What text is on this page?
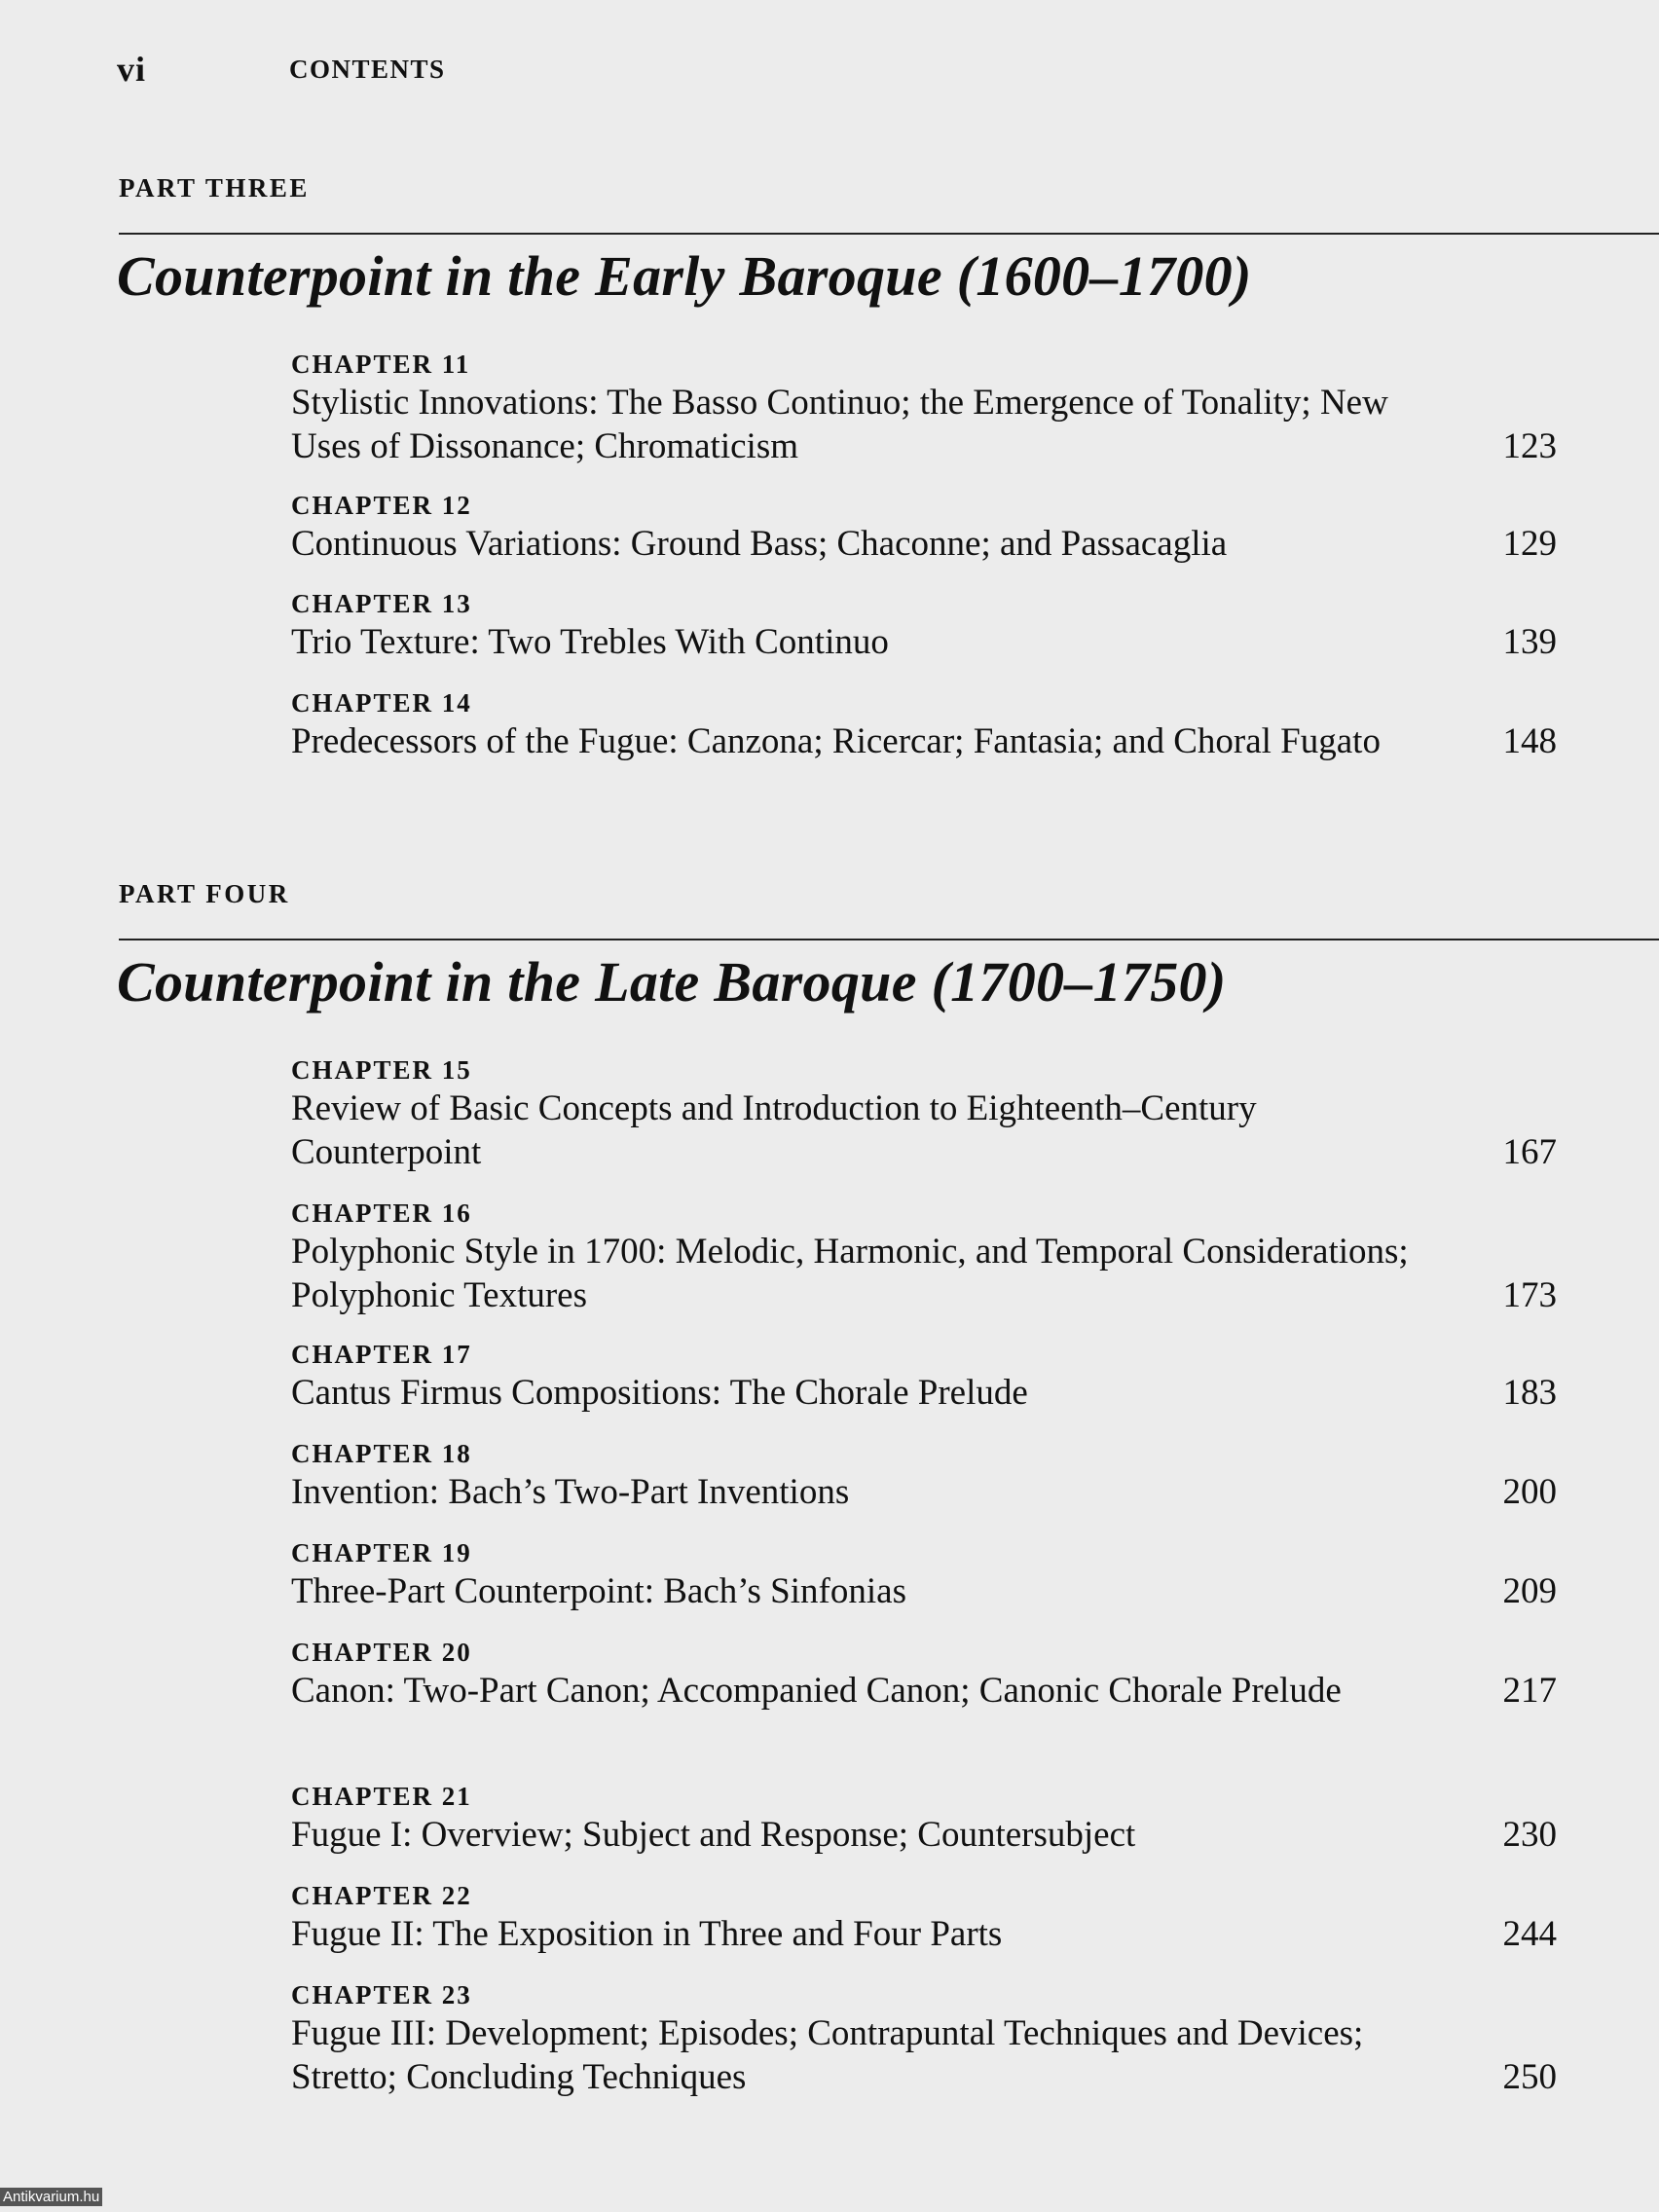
vi	CONTENTS
PART THREE
Counterpoint in the Early Baroque (1600–1700)
CHAPTER 11
Stylistic Innovations: The Basso Continuo; the Emergence of Tonality; New Uses of Dissonance; Chromaticism	123
CHAPTER 12
Continuous Variations: Ground Bass; Chaconne; and Passacaglia	129
CHAPTER 13
Trio Texture: Two Trebles With Continuo	139
CHAPTER 14
Predecessors of the Fugue: Canzona; Ricercar; Fantasia; and Choral Fugato	148
PART FOUR
Counterpoint in the Late Baroque (1700–1750)
CHAPTER 15
Review of Basic Concepts and Introduction to Eighteenth–Century Counterpoint	167
CHAPTER 16
Polyphonic Style in 1700: Melodic, Harmonic, and Temporal Considerations; Polyphonic Textures	173
CHAPTER 17
Cantus Firmus Compositions: The Chorale Prelude	183
CHAPTER 18
Invention: Bach’s Two-Part Inventions	200
CHAPTER 19
Three-Part Counterpoint: Bach’s Sinfonias	209
CHAPTER 20
Canon: Two-Part Canon; Accompanied Canon; Canonic Chorale Prelude	217
CHAPTER 21
Fugue I: Overview; Subject and Response; Countersubject	230
CHAPTER 22
Fugue II: The Exposition in Three and Four Parts	244
CHAPTER 23
Fugue III: Development; Episodes; Contrapuntal Techniques and Devices; Stretto; Concluding Techniques	250
Antikvarium.hu
